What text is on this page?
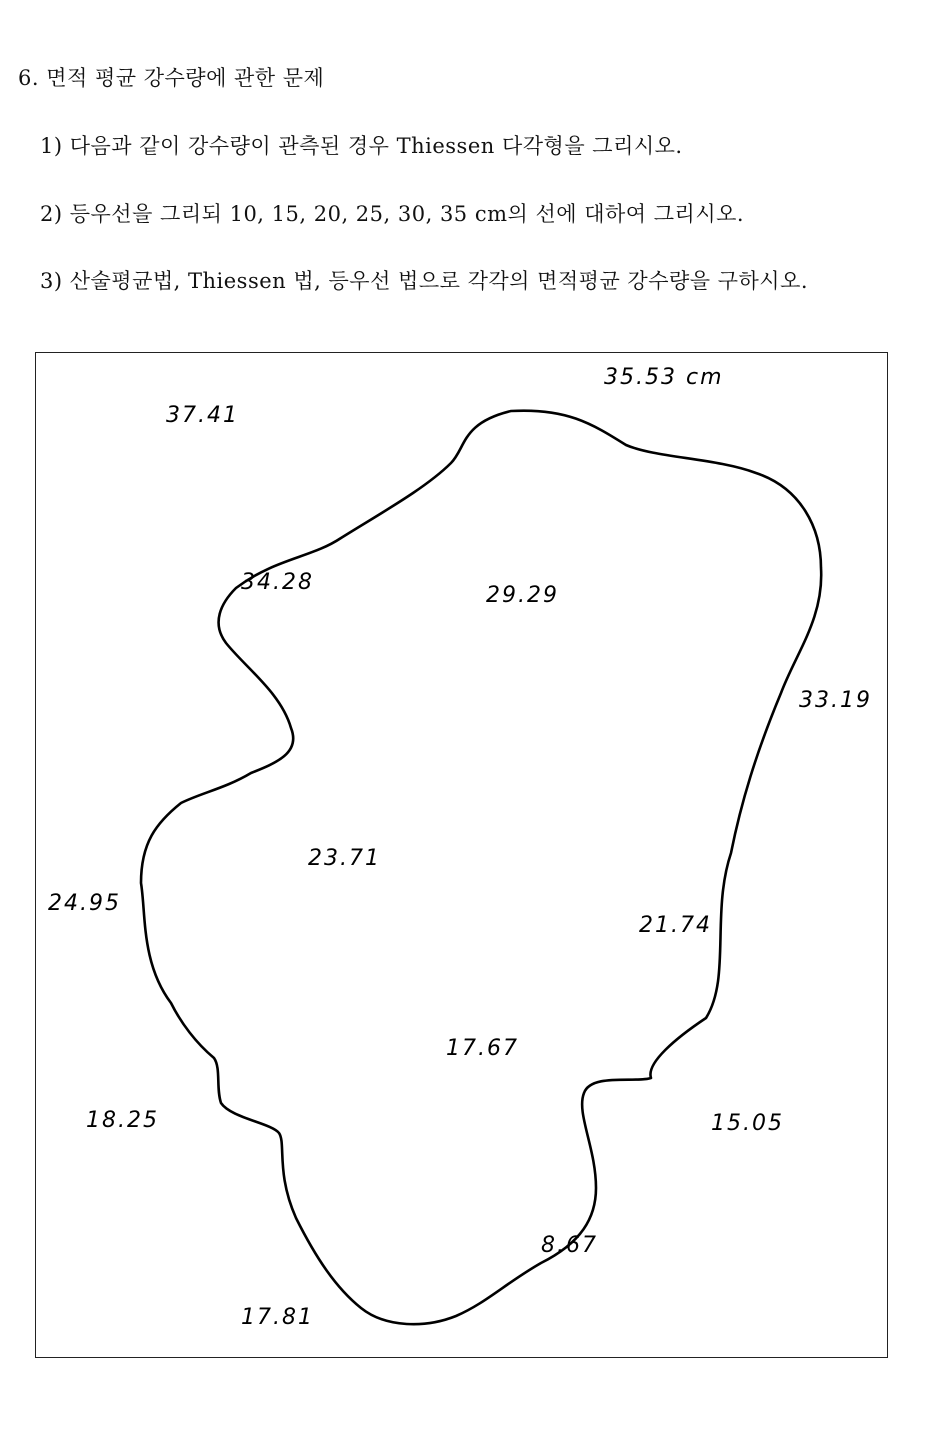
6. 면적 평균 강수량에 관한 문제
1) 다음과 같이 강수량이 관측된 경우 Thiessen 다각형을 그리시오.
2) 등우선을 그리되 10, 15, 20, 25, 30, 35 cm의 선에 대하여 그리시오.
3) 산술평균법, Thiessen 법, 등우선 법으로 각각의 면적평균 강수량을 구하시오.
35.53 cm
37.41
34.28
29.29
33.19
23.71
24.95
21.74
17.67
18.25	15.05
8.67
17.81
